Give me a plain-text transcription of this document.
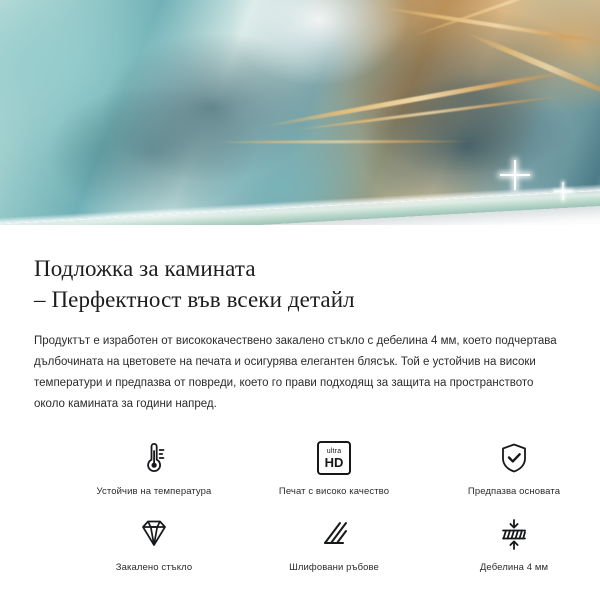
Подложка за камината
– Перфектност във всеки детайл

Продуктът е изработен от висококачествено закалено стъкло с дебелина 4 мм, което подчертава дълбочината на цветовете на печата и осигурява елегантен блясък. Той е устойчив на високи температури и предпазва от повреди, което го прави подходящ за защита на пространството около камината за години напред.

Устойчив на температура
ultra
HD
Печат с високо качество	Предпазва основата
Закалено стъкло	Шлифовани ръбове	Дебелина 4 мм
